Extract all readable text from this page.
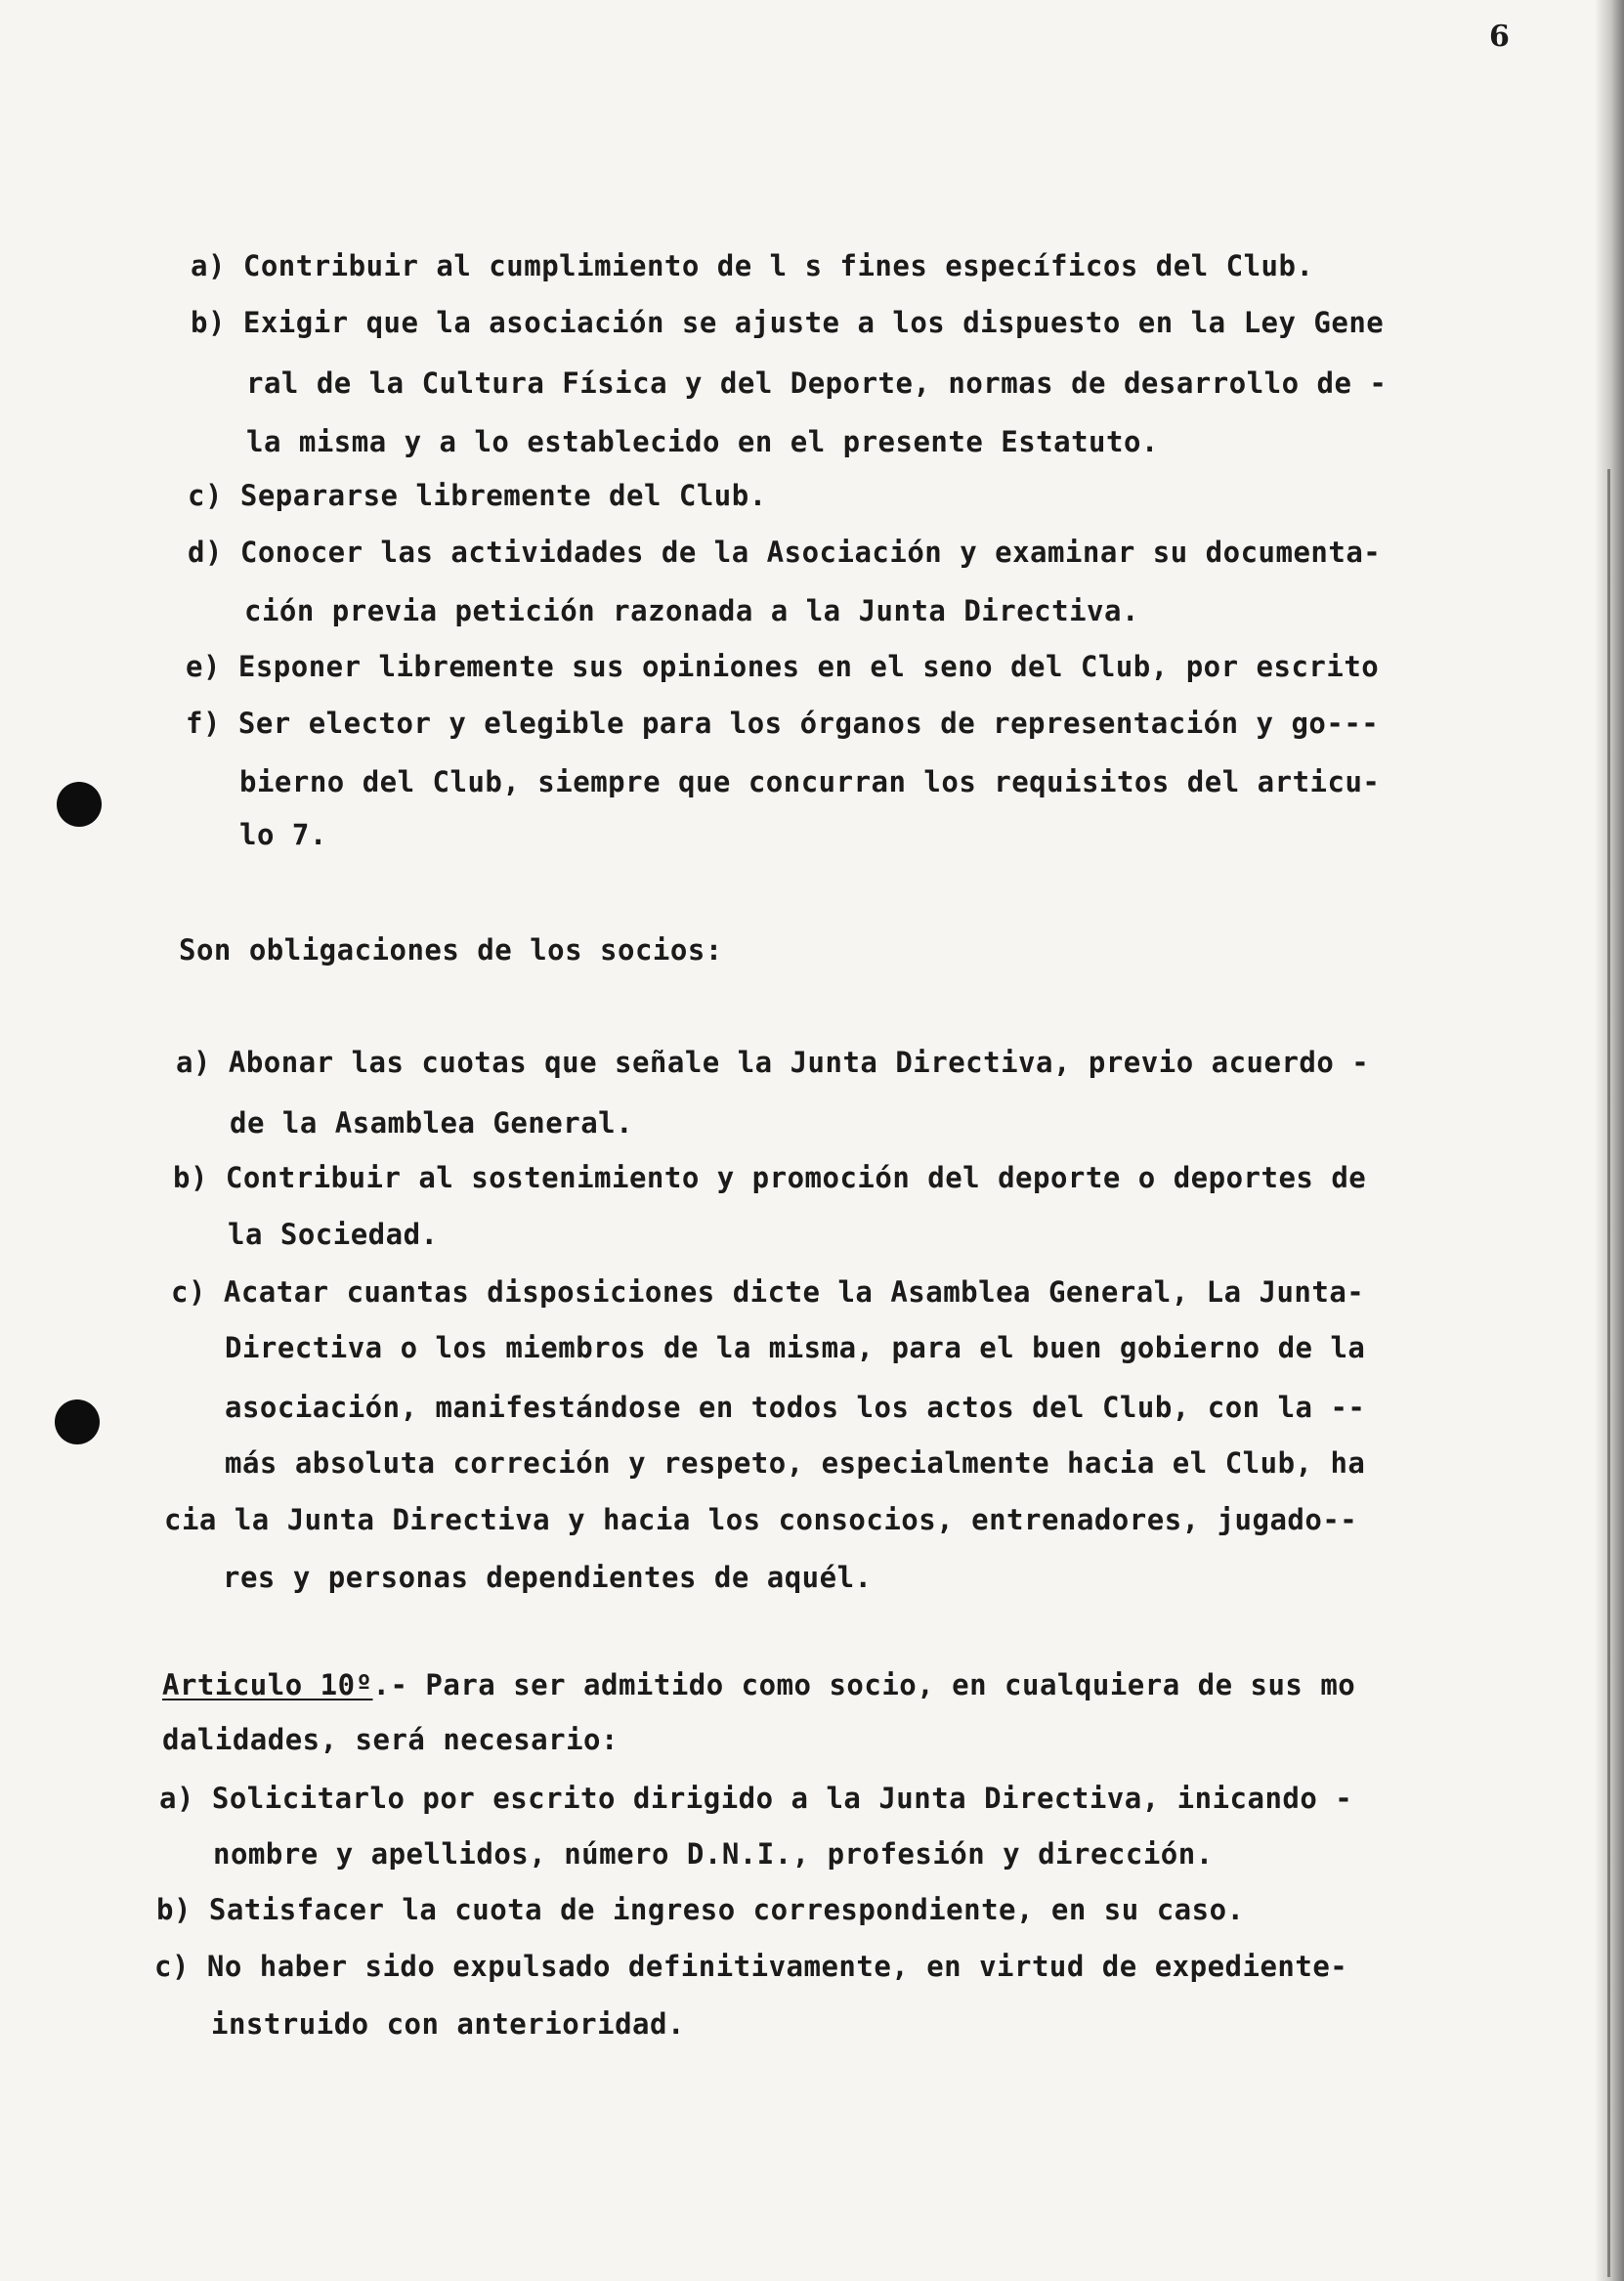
6
a) Contribuir al cumplimiento de l s fines específicos del Club.
b) Exigir que la asociación se ajuste a los dispuesto en la Ley Gene
ral de la Cultura Física y del Deporte, normas de desarrollo de -
la misma y a lo establecido en el presente Estatuto.
c) Separarse libremente del Club.
d) Conocer las actividades de la Asociación y examinar su documenta-
ción previa petición razonada a la Junta Directiva.
e) Esponer libremente sus opiniones en el seno del Club, por escrito
f) Ser elector y elegible para los órganos de representación y go---
bierno del Club, siempre que concurran los requisitos del articu-
lo 7.
Son obligaciones de los socios:
a) Abonar las cuotas que señale la Junta Directiva, previo acuerdo -
de la Asamblea General.
b) Contribuir al sostenimiento y promoción del deporte o deportes de
la Sociedad.
c) Acatar cuantas disposiciones dicte la Asamblea General, La Junta-
Directiva o los miembros de la misma, para el buen gobierno de la
asociación, manifestándose en todos los actos del Club, con la --
más absoluta correción y respeto, especialmente hacia el Club, ha
cia la Junta Directiva y hacia los consocios, entrenadores, jugado--
res y personas dependientes de aquél.
Articulo 10º.- Para ser admitido como socio, en cualquiera de sus mo
dalidades, será necesario:
a) Solicitarlo por escrito dirigido a la Junta Directiva, inicando -
nombre y apellidos, número D.N.I., profesión y dirección.
b) Satisfacer la cuota de ingreso correspondiente, en su caso.
c) No haber sido expulsado definitivamente, en virtud de expediente-
instruido con anterioridad.
